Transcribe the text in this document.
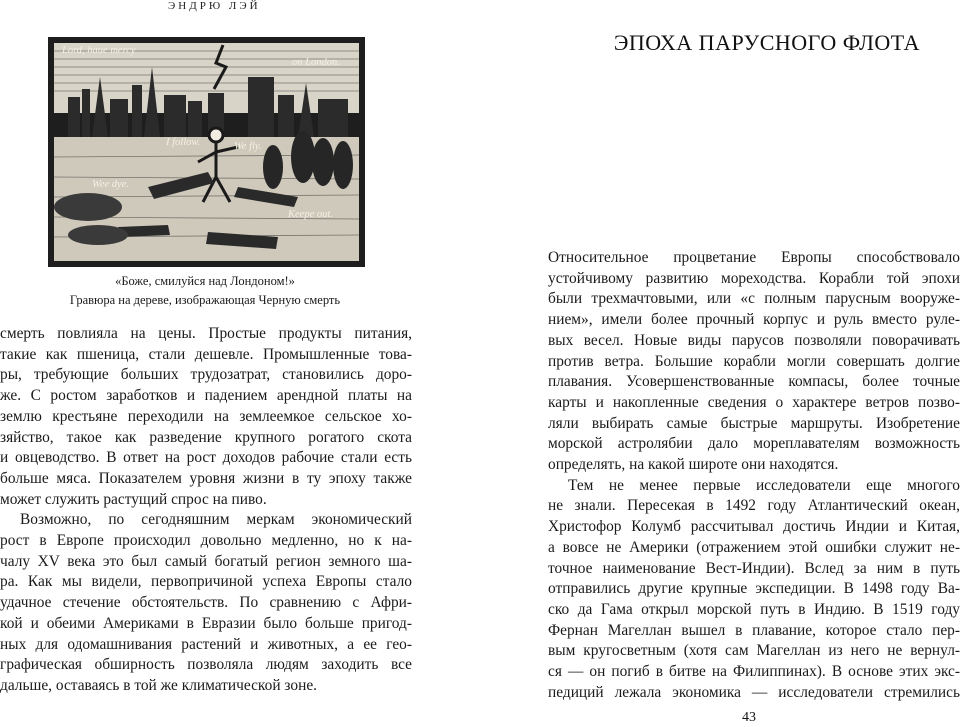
ЭНДРЮ ЛЭЙ
Lord, haue mercy
on London.
I follow.	We fly.
Wee dye.
Keepe out.
«Боже, смилуйся над Лондоном!»
Гравюра на дереве, изображающая Черную смерть
смерть повлияла на цены. Простые продукты питания,
такие как пшеница, стали дешевле. Промышленные това-
ры, требующие больших трудозатрат, становились доро-
же. С ростом заработков и падением арендной платы на
землю крестьяне переходили на землеемкое сельское хо-
зяйство, такое как разведение крупного рогатого скота
и овцеводство. В ответ на рост доходов рабочие стали есть
больше мяса. Показателем уровня жизни в ту эпоху также
может служить растущий спрос на пиво.
Возможно, по сегодняшним меркам экономический
рост в Европе происходил довольно медленно, но к на-
чалу XV века это был самый богатый регион земного ша-
ра. Как мы видели, первопричиной успеха Европы стало
удачное стечение обстоятельств. По сравнению с Афри-
кой и обеими Америками в Евразии было больше пригод-
ных для одомашнивания растений и животных, а ее гео-
графическая обширность позволяла людям заходить все
дальше, оставаясь в той же климатической зоне.
ЭПОХА ПАРУСНОГО ФЛОТА
Относительное процветание Европы способствовало
устойчивому развитию мореходства. Корабли той эпохи
были трехмачтовыми, или «с полным парусным вооруже-
нием», имели более прочный корпус и руль вместо руле-
вых весел. Новые виды парусов позволяли поворачивать
против ветра. Большие корабли могли совершать долгие
плавания. Усовершенствованные компасы, более точные
карты и накопленные сведения о характере ветров позво-
ляли выбирать самые быстрые маршруты. Изобретение
морской астролябии дало мореплавателям возможность
определять, на какой широте они находятся.
Тем не менее первые исследователи еще многого
не знали. Пересекая в 1492 году Атлантический океан,
Христофор Колумб рассчитывал достичь Индии и Китая,
а вовсе не Америки (отражением этой ошибки служит не-
точное наименование Вест-Индии). Вслед за ним в путь
отправились другие крупные экспедиции. В 1498 году Ва-
ско да Гама открыл морской путь в Индию. В 1519 году
Фернан Магеллан вышел в плавание, которое стало пер-
вым кругосветным (хотя сам Магеллан из него не вернул-
ся — он погиб в битве на Филиппинах). В основе этих экс-
педиций лежала экономика — исследователи стремились
43
